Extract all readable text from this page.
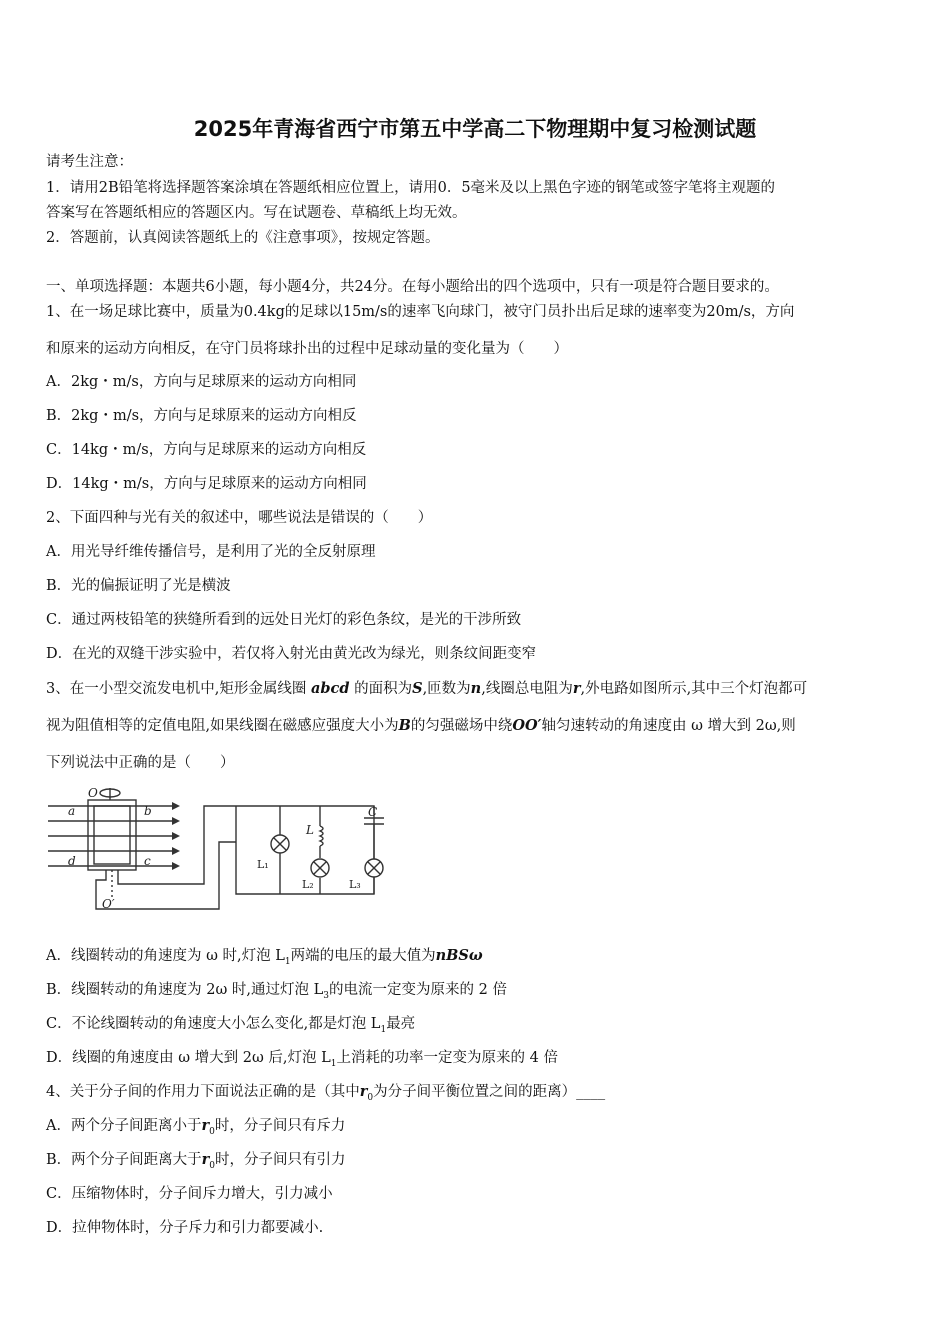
2025年青海省西宁市第五中学高二下物理期中复习检测试题
请考生注意：
1．请用2B铅笔将选择题答案涂填在答题纸相应位置上，请用0．5毫米及以上黑色字迹的钢笔或签字笔将主观题的
答案写在答题纸相应的答题区内。写在试题卷、草稿纸上均无效。
2．答题前，认真阅读答题纸上的《注意事项》，按规定答题。
一、单项选择题：本题共6小题，每小题4分，共24分。在每小题给出的四个选项中，只有一项是符合题目要求的。
1、在一场足球比赛中，质量为0.4kg的足球以15m/s的速率飞向球门，被守门员扑出后足球的速率变为20m/s，方向
和原来的运动方向相反，在守门员将球扑出的过程中足球动量的变化量为（　　）
A．2kg・m/s，方向与足球原来的运动方向相同
B．2kg・m/s，方向与足球原来的运动方向相反
C．14kg・m/s，方向与足球原来的运动方向相反
D．14kg・m/s，方向与足球原来的运动方向相同
2、下面四种与光有关的叙述中，哪些说法是错误的（　　）
A．用光导纤维传播信号，是利用了光的全反射原理
B．光的偏振证明了光是横波
C．通过两枝铅笔的狭缝所看到的远处日光灯的彩色条纹，是光的干涉所致
D．在光的双缝干涉实验中，若仅将入射光由黄光改为绿光，则条纹间距变窄
3、在一小型交流发电机中,矩形金属线圈 abcd 的面积为S,匝数为n,线圈总电阻为r,外电路如图所示,其中三个灯泡都可
视为阻值相等的定值电阻,如果线圈在磁感应强度大小为B的匀强磁场中绕OO′轴匀速转动的角速度由 ω 增大到 2ω,则
下列说法中正确的是（　　）
O
a	b
d	c
O′
L
C
L₁
L₂	L₃
A．线圈转动的角速度为 ω 时,灯泡 $L_1$两端的电压的最大值为nBSω
B．线圈转动的角速度为 2ω 时,通过灯泡 $L_3$的电流一定变为原来的 2 倍
C．不论线圈转动的角速度大小怎么变化,都是灯泡 $L_1$最亮
D．线圈的角速度由 ω 增大到 2ω 后,灯泡 $L_1$上消耗的功率一定变为原来的 4 倍
4、关于分子间的作用力下面说法正确的是（其中$r_0$为分子间平衡位置之间的距离）____
A．两个分子间距离小于$r_0$时，分子间只有斥力
B．两个分子间距离大于$r_0$时，分子间只有引力
C．压缩物体时，分子间斥力增大，引力减小
D．拉伸物体时，分子斥力和引力都要减小.
